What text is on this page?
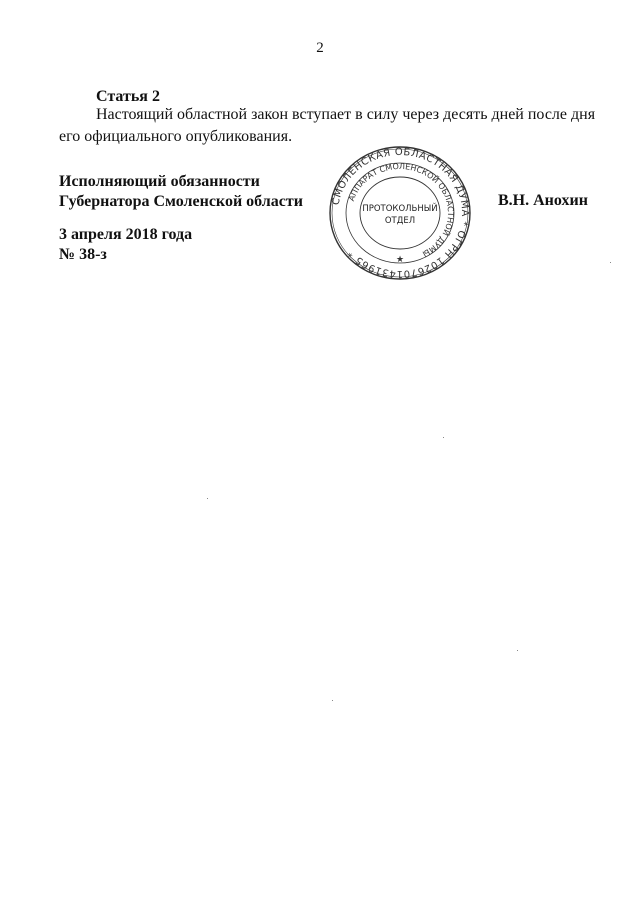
2
Статья 2
Настоящий областной закон вступает в силу через десять дней после дня его официального опубликования.
Исполняющий обязанности
Губернатора Смоленской области	В.Н. Анохин
3 апреля 2018 года
№ 38-з
СМОЛЕНСКАЯ ОБЛАСТНАЯ ДУМА * ОГРН 1026701431965 *
АППАРАТ СМОЛЕНСКОЙ ОБЛАСТНОЙ ДУМЫ
ПРОТОКОЛЬНЫЙ
ОТДЕЛ
★
